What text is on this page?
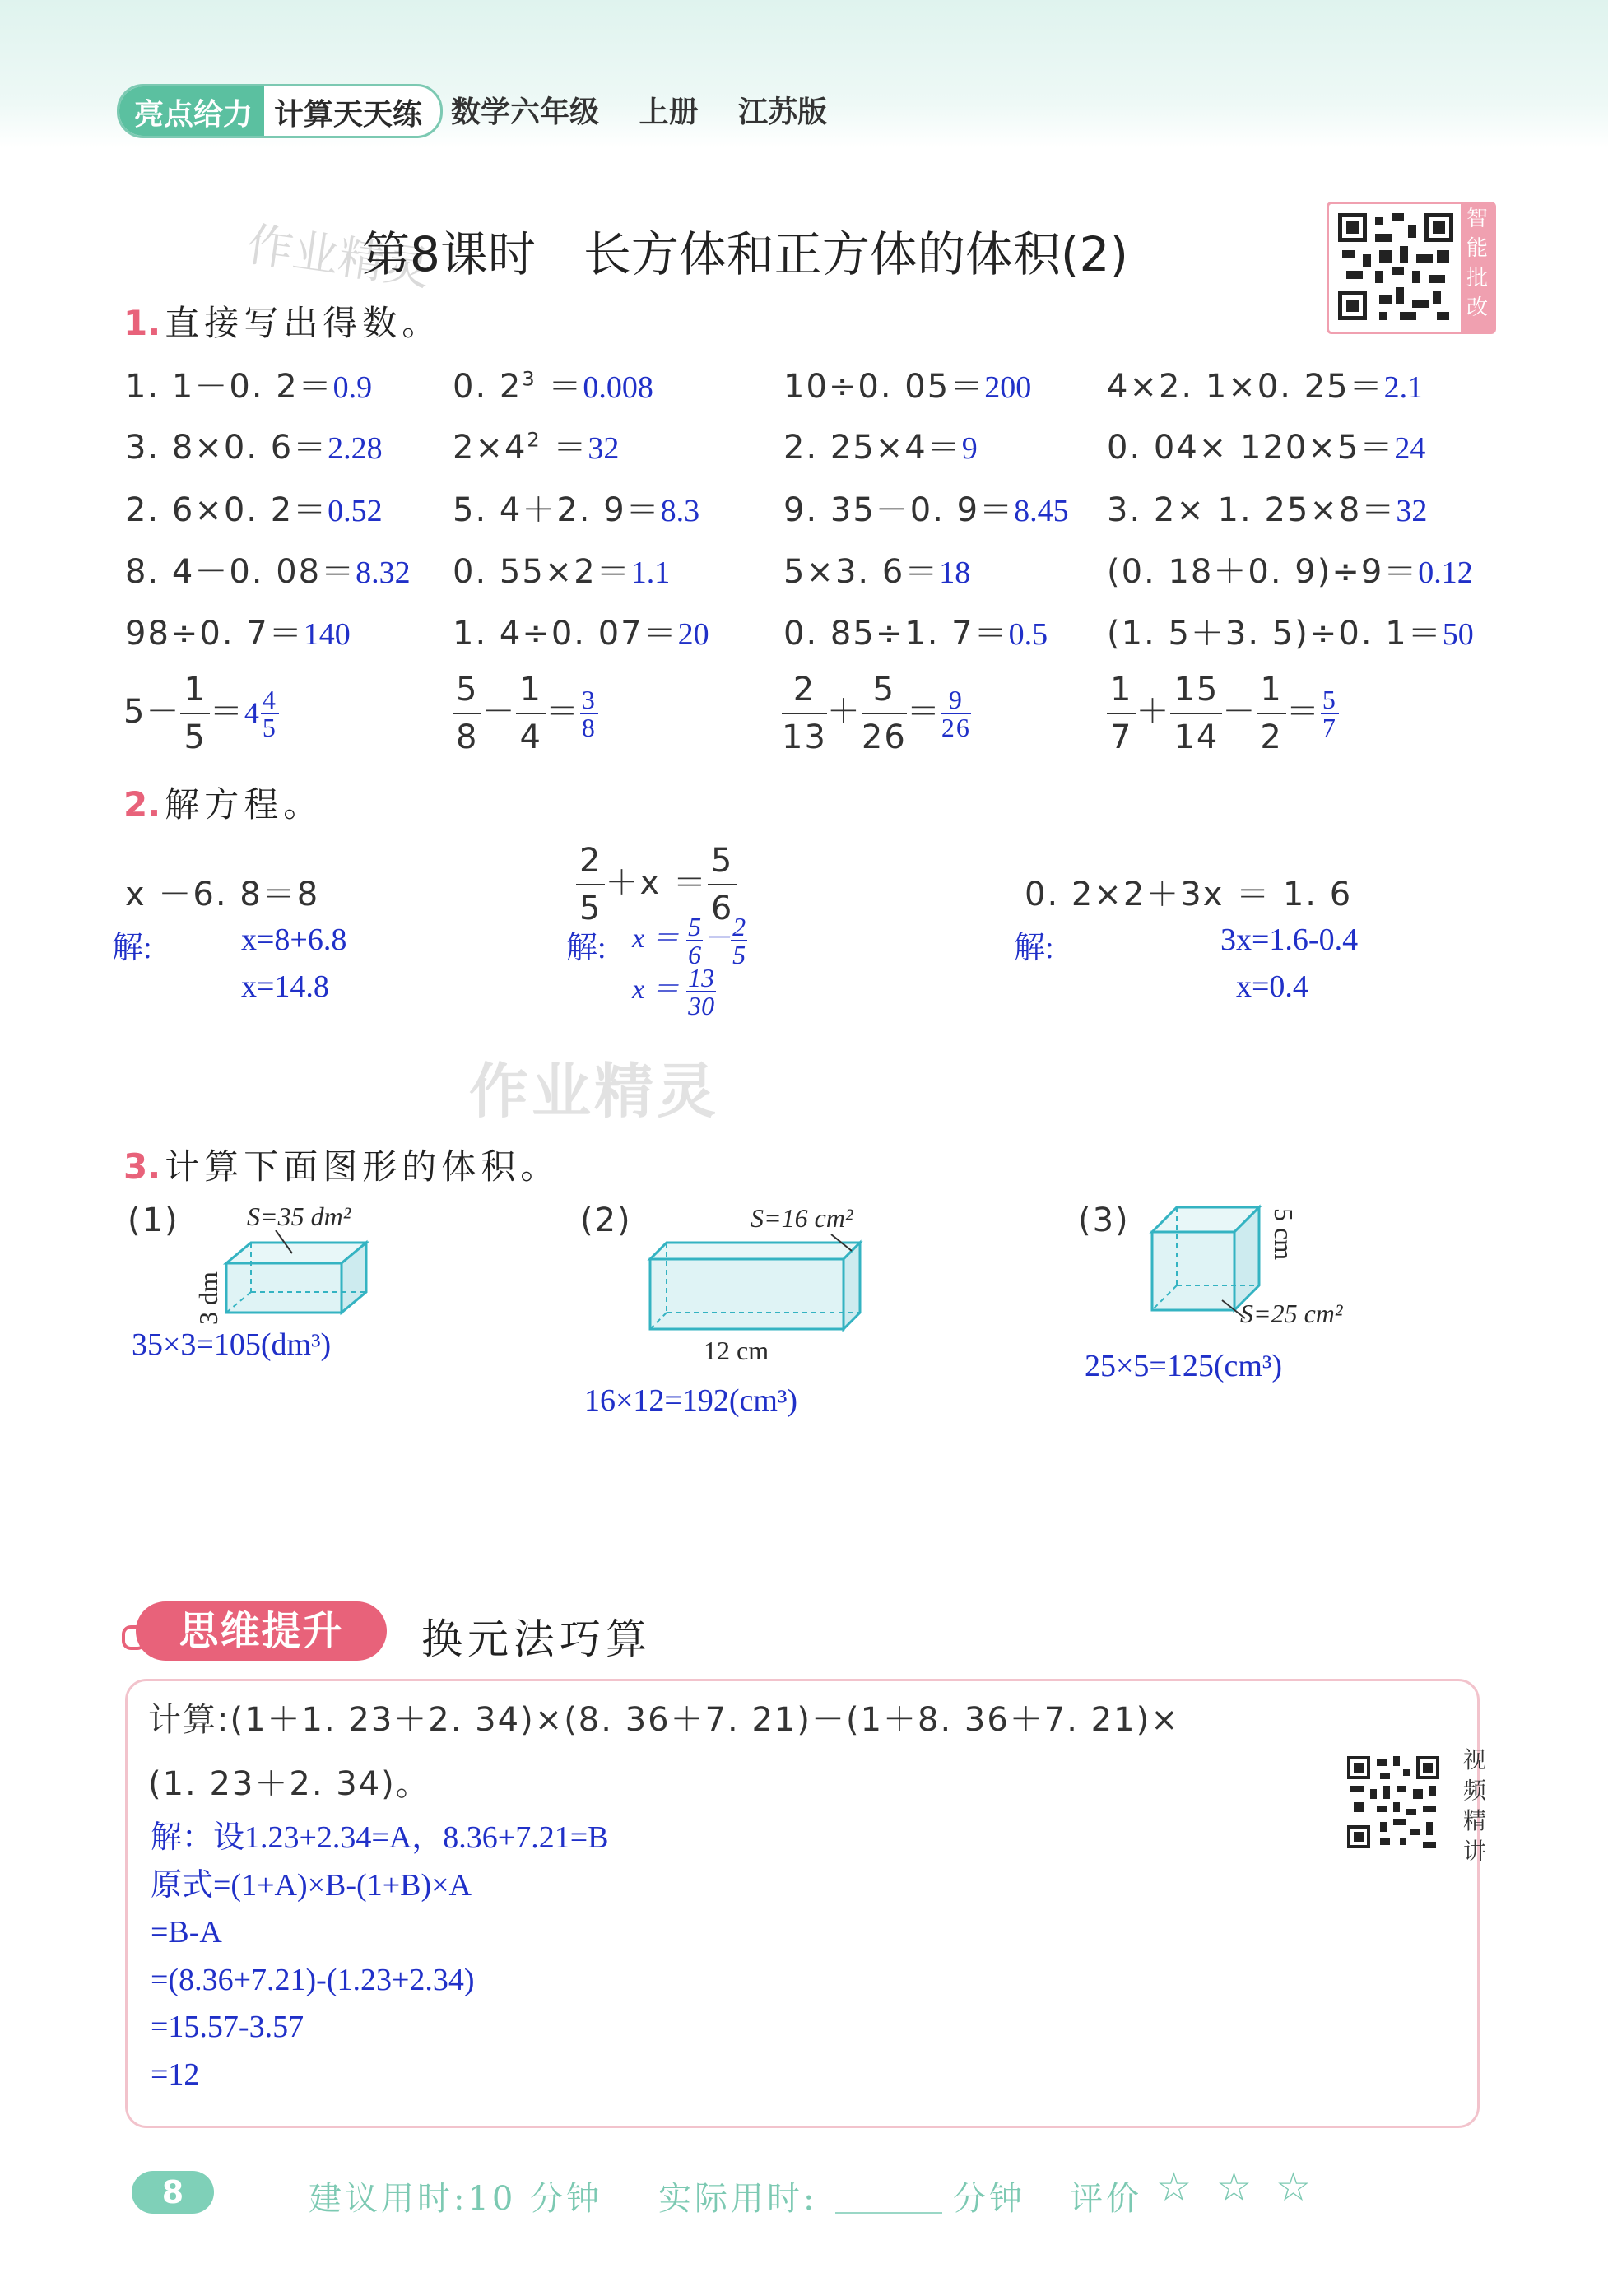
亮点给力 计算天天练 数学六年级　 上册　 江苏版
作业精灵
第8课时　长方体和正方体的体积(2)
智
能
批
改
1. 直接写出得数。
1. 1－0. 2＝0.9 0. $2^3 =0.008$	10÷0. 05＝200 4×2. 1×0. 25＝2.1
3. 8×0. 6＝2.28 $2\times 4^2 =32$	2. 25×4＝9	0. 04× 120×5＝24
2. 6×0. 2＝0.52 5. 4＋2. 9＝8.3	9. 35－0. 9＝8.45 3. 2× 1. 25×8＝32
8. 4－0. 08＝8.32 0. 55×2＝1.1	5×3. 6＝18	(0. 18＋0. 9)÷9＝0.12
98÷0. 7＝140	1. 4÷0. 07＝20 0. 85÷1. 7＝0.5 (1. 5＋3. 5)÷0. 1＝50
$5- \frac{1}{5} =4 \frac{4}{5}$	$\frac{5}{8} - \frac{1}{4} = \frac{3}{8}$	$\frac{2}{13} + \frac{5}{26} = \frac{9}{26}$	$\frac{1}{7} + \frac{15}{14} - \frac{1}{2} = \frac{5}{7}$
2. 解方程。
x －6. 8＝8
解:	x=8+6.8
x=14.8
$\frac{2}{5} +x = \frac{5}{6}$
解: $x = \frac{5}{6} - \frac{2}{5}$
$x = \frac{13}{30}$
0. 2×2＋3x ＝ 1. 6
解:	3x=1.6-0.4
x=0.4
作业精灵
3. 计算下面图形的体积。
(1)	S=35 dm²
3 dm
35×3=105(dm³)
(2)	S=16 cm²
12 cm
16×12=192(cm³)
(3)	5 cm
S=25 cm²
25×5=125(cm³)
思维提升	换元法巧算
计算:(1＋1. 23＋2. 34)×(8. 36＋7. 21)－(1＋8. 36＋7. 21)×
(1. 23＋2. 34)。
视
频
精
讲
解：设1.23+2.34=A，8.36+7.21=B
原式=(1+A)×B-(1+B)×A
=B-A
=(8.36+7.21)-(1.23+2.34)
=15.57-3.57
=12
8	建议用时:10 分钟 实际用时:	分钟 评价 ☆ ☆ ☆
